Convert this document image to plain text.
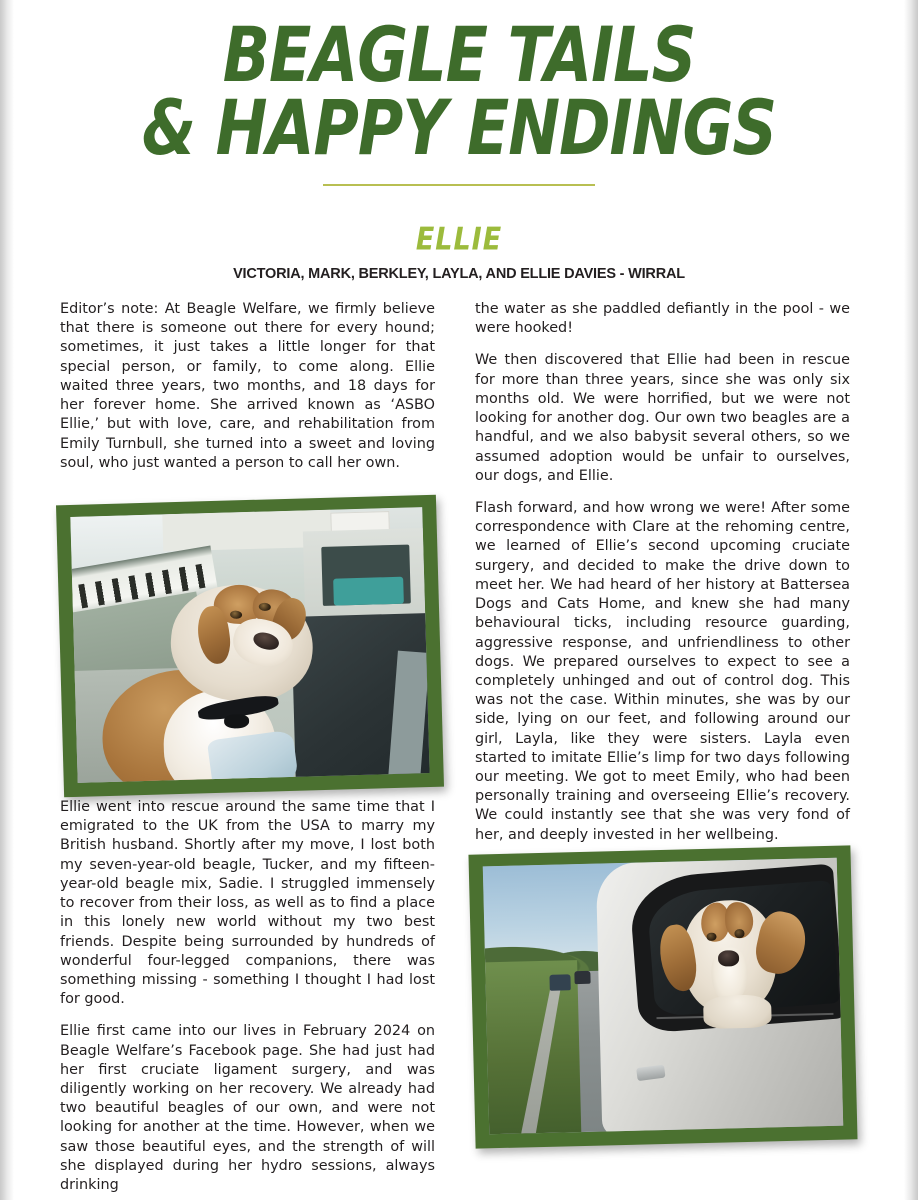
BEAGLE TAILS
& HAPPY ENDINGS
ELLIE
VICTORIA, MARK, BERKLEY, LAYLA, AND ELLIE DAVIES - WIRRAL

Editor’s note: At Beagle Welfare, we firmly believe that there is someone out there for every hound; sometimes, it just takes a little longer for that special person, or family, to come along. Ellie waited three years, two months, and 18 days for her forever home. She arrived known as ‘ASBO Ellie,’ but with love, care, and rehabilitation from Emily Turnbull, she turned into a sweet and loving soul, who just wanted a person to call her own.

Ellie went into rescue around the same time that I emigrated to the UK from the USA to marry my British husband. Shortly after my move, I lost both my seven-year-old beagle, Tucker, and my fifteen-year-old beagle mix, Sadie. I struggled immensely to recover from their loss, as well as to find a place in this lonely new world without my two best friends. Despite being surrounded by hundreds of wonderful four-legged companions, there was something missing - something I thought I had lost for good.

Ellie first came into our lives in February 2024 on Beagle Welfare’s Facebook page. She had just had her first cruciate ligament surgery, and was diligently working on her recovery. We already had two beautiful beagles of our own, and were not looking for another at the time. However, when we saw those beautiful eyes, and the strength of will she displayed during her hydro sessions, always drinking

the water as she paddled defiantly in the pool - we were hooked!

We then discovered that Ellie had been in rescue for more than three years, since she was only six months old. We were horrified, but we were not looking for another dog. Our own two beagles are a handful, and we also babysit several others, so we assumed adoption would be unfair to ourselves, our dogs, and Ellie.

Flash forward, and how wrong we were! After some correspondence with Clare at the rehoming centre, we learned of Ellie’s second upcoming cruciate surgery, and decided to make the drive down to meet her. We had heard of her history at Battersea Dogs and Cats Home, and knew she had many behavioural ticks, including resource guarding, aggressive response, and unfriendliness to other dogs. We prepared ourselves to expect to see a completely unhinged and out of control dog. This was not the case. Within minutes, she was by our side, lying on our feet, and following around our girl, Layla, like they were sisters. Layla even started to imitate Ellie’s limp for two days following our meeting. We got to meet Emily, who had been personally training and overseeing Ellie’s recovery. We could instantly see that she was very fond of her, and deeply invested in her wellbeing.
